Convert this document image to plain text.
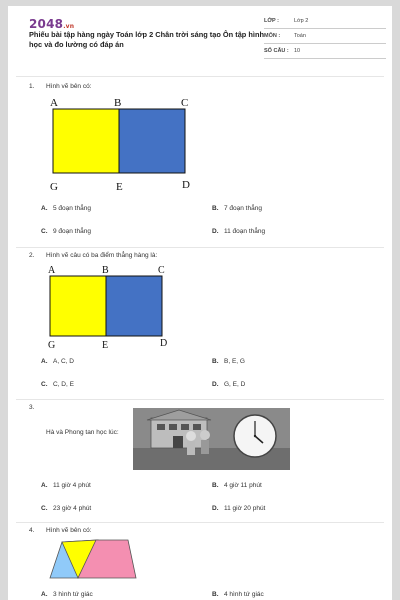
2048.vn
Phiếu bài tập hàng ngày Toán lớp 2 Chân trời sáng tạo Ôn tập hình học và đo lường có đáp án
LỚP :	Lớp 2
MÔN :	Toán
SỐ CÂU : 10
1. Hình vẽ bên có:
A	B	C
G	E	D
A. 5 đoạn thẳng	B. 7 đoạn thẳng
C. 9 đoạn thẳng	D. 11 đoạn thẳng
2. Hình vẽ câu có ba điểm thẳng hàng là:
A	B	C
G	E	D
A. A, C, D	B. B, E, G
C. C, D, E	D. G, E, D
3.
Hà và Phong tan học lúc:
A. 11 giờ 4 phút	B. 4 giờ 11 phút
C. 23 giờ 4 phút	D. 11 giờ 20 phút
4. Hình vẽ bên có:
A. 3 hình tứ giác	B. 4 hình tứ giác
